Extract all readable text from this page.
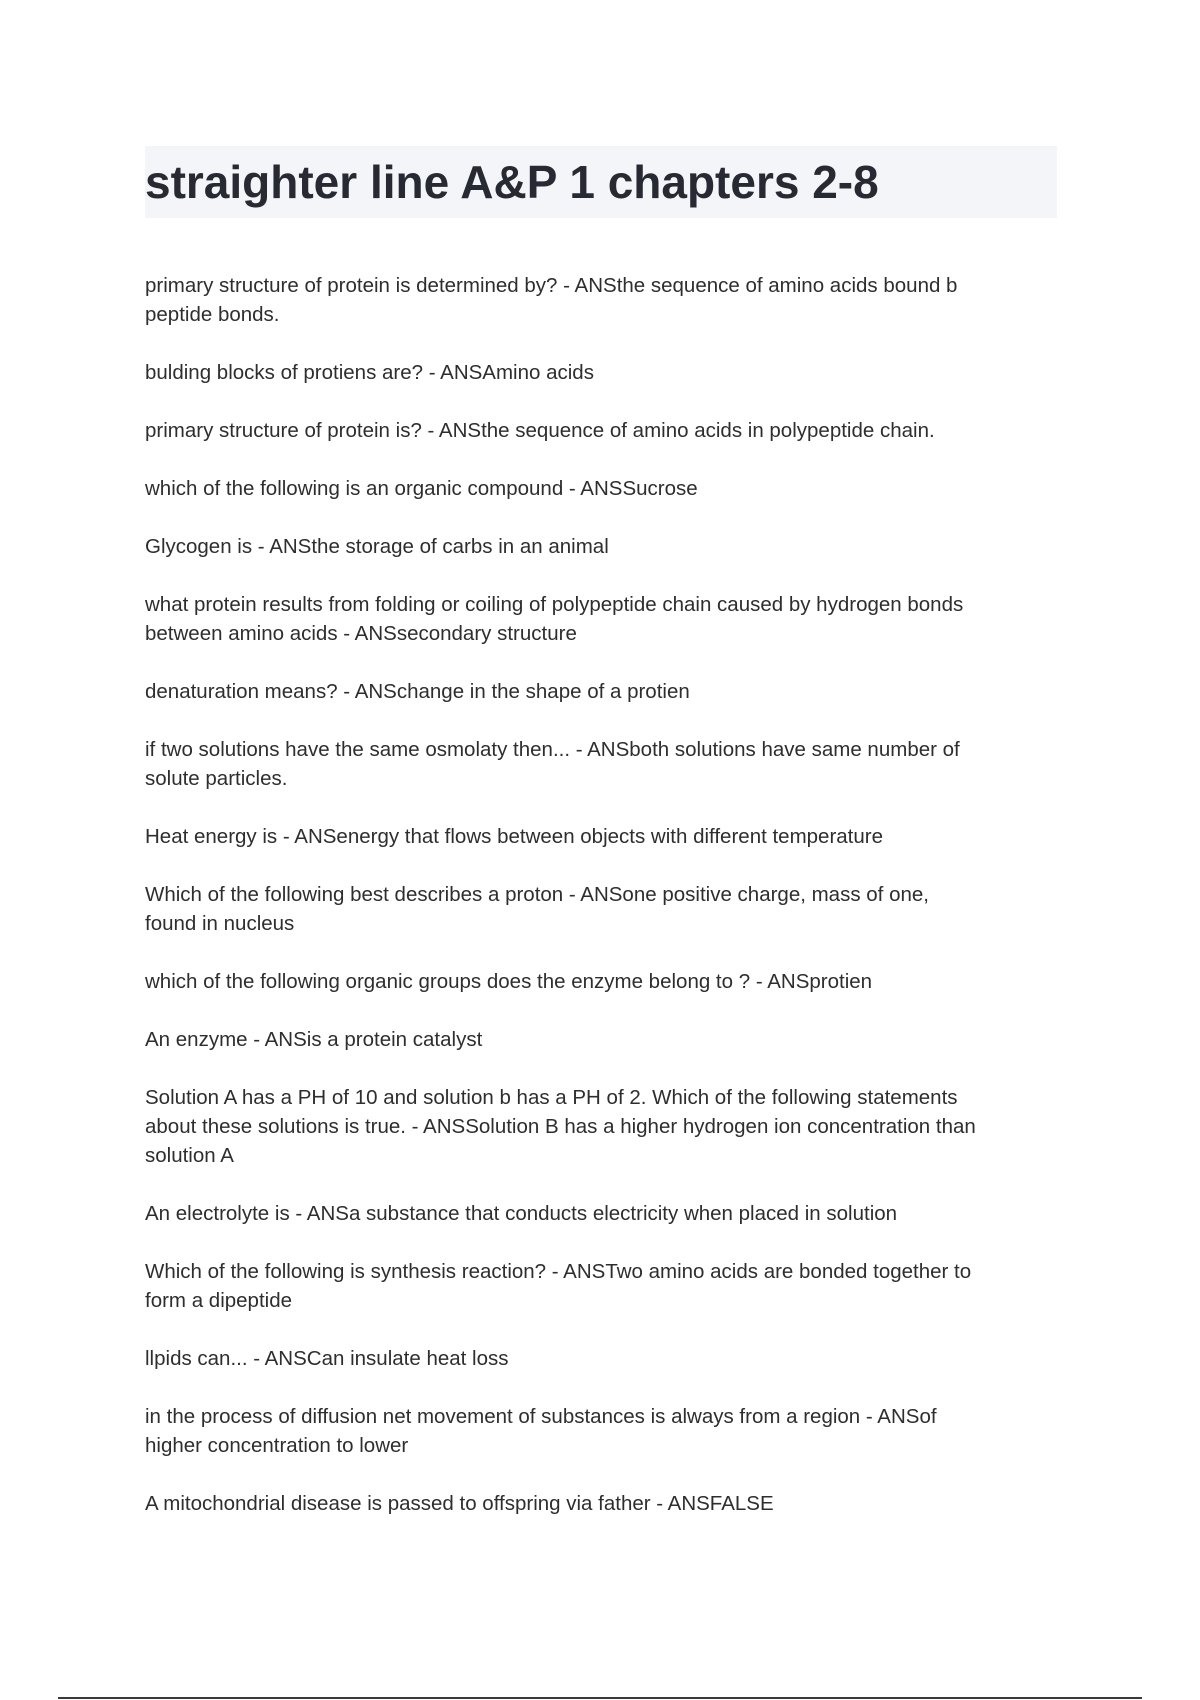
straighter line A&P 1 chapters 2-8
primary structure of protein is determined by? - ANSthe sequence of amino acids bound b
peptide bonds.
bulding blocks of protiens are? - ANSAmino acids
primary structure of protein is? - ANSthe sequence of amino acids in polypeptide chain.
which of the following is an organic compound - ANSSucrose
Glycogen is - ANSthe storage of carbs in an animal
what protein results from folding or coiling of polypeptide chain caused by hydrogen bonds
between amino acids - ANSsecondary structure
denaturation means? - ANSchange in the shape of a protien
if two solutions have the same osmolaty then... - ANSboth solutions have same number of
solute particles.
Heat energy is - ANSenergy that flows between objects with different temperature
Which of the following best describes a proton - ANSone positive charge, mass of one,
found in nucleus
which of the following organic groups does the enzyme belong to ? - ANSprotien
An enzyme - ANSis a protein catalyst
Solution A has a PH of 10 and solution b has a PH of 2. Which of the following statements
about these solutions is true. - ANSSolution B has a higher hydrogen ion concentration than
solution A
An electrolyte is - ANSa substance that conducts electricity when placed in solution
Which of the following is synthesis reaction? - ANSTwo amino acids are bonded together to
form a dipeptide
llpids can... - ANSCan insulate heat loss
in the process of diffusion net movement of substances is always from a region - ANSof
higher concentration to lower
A mitochondrial disease is passed to offspring via father - ANSFALSE
